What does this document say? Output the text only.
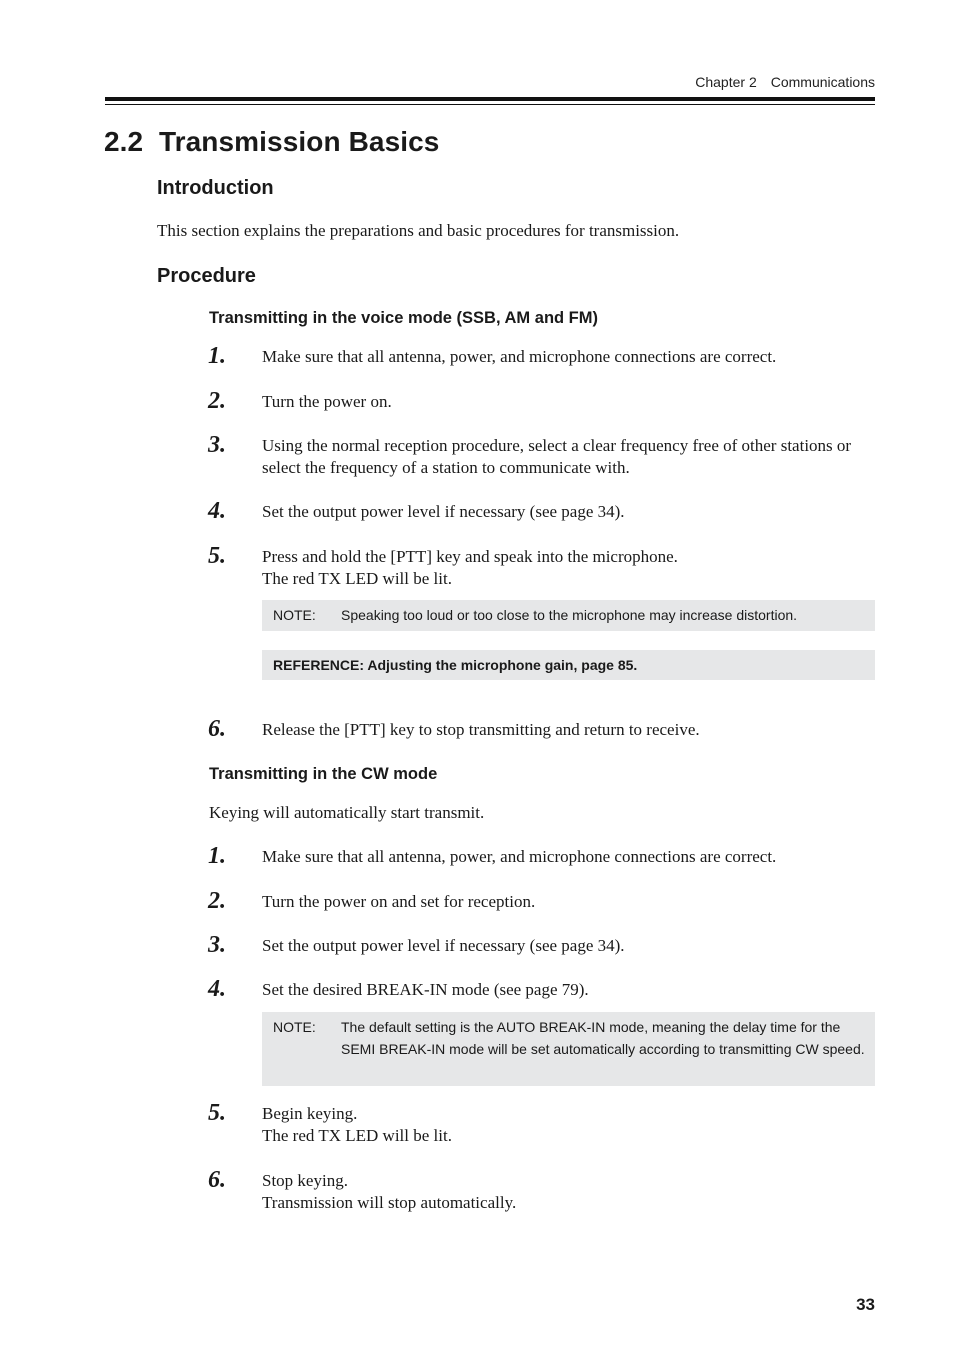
Chapter 2 Communications
2.2  Transmission Basics
Introduction
This section explains the preparations and basic procedures for transmission.
Procedure
Transmitting in the voice mode (SSB, AM and FM)
1.	Make sure that all antenna, power, and microphone connections are correct.
2.	Turn the power on.
3.	Using the normal reception procedure, select a clear frequency free of other stations or select the frequency of a station to communicate with.
4.	Set the output power level if necessary (see page 34).
5.	Press and hold the [PTT] key and speak into the microphone.
The red TX LED will be lit.
NOTE:	Speaking too loud or too close to the microphone may increase distortion.
REFERENCE: Adjusting the microphone gain, page 85.
6.	Release the [PTT] key to stop transmitting and return to receive.
Transmitting in the CW mode
Keying will automatically start transmit.
1.	Make sure that all antenna, power, and microphone connections are correct.
2.	Turn the power on and set for reception.
3.	Set the output power level if necessary (see page 34).
4.	Set the desired BREAK-IN mode (see page 79).
NOTE:	The default setting is the AUTO BREAK-IN mode, meaning the delay time for the SEMI BREAK-IN mode will be set automatically according to transmitting CW speed.
5.	Begin keying.
The red TX LED will be lit.
6.	Stop keying.
Transmission will stop automatically.
33
